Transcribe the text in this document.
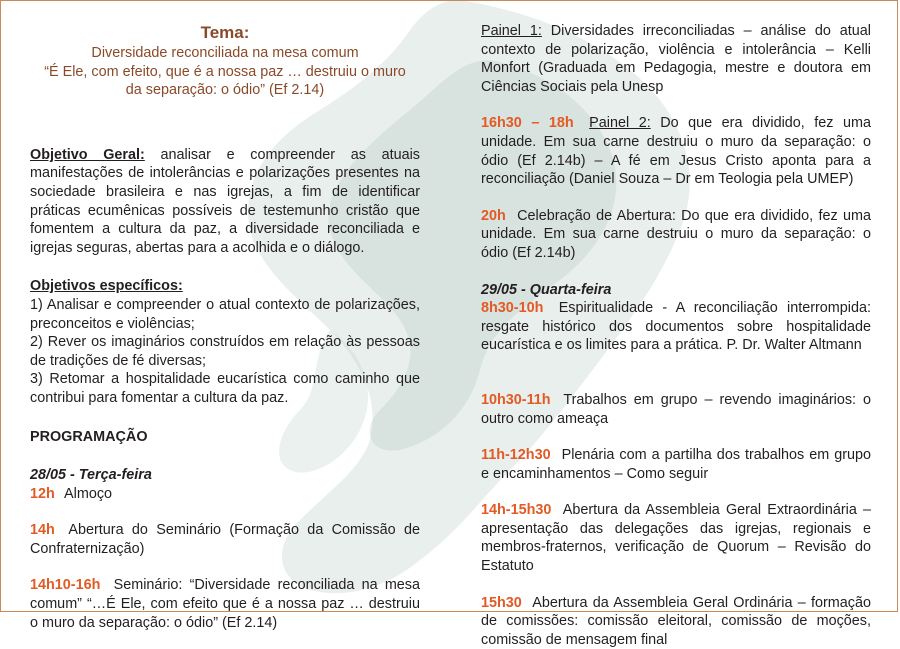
Tema:
Diversidade reconciliada na mesa comum
“É Ele, com efeito, que é a nossa paz … destruiu o muro
da separação: o ódio” (Ef 2.14)
Objetivo Geral: analisar e compreender as atuais manifestações de intolerâncias e polarizações presentes na sociedade brasileira e nas igrejas, a fim de identificar práticas ecumênicas possíveis de testemunho cristão que fomentem a cultura da paz, a diversidade reconciliada e igrejas seguras, abertas para a acolhida e o diálogo.
Objetivos específicos:
1) Analisar e compreender o atual contexto de polarizações, preconceitos e violências;
2) Rever os imaginários construídos em relação às pessoas de tradições de fé diversas;
3) Retomar a hospitalidade eucarística como caminho que contribui para fomentar a cultura da paz.
PROGRAMAÇÃO
28/05 - Terça-feira
12h Almoço
14h Abertura do Seminário (Formação da Comissão de Confraternização)
14h10-16h Seminário: “Diversidade reconciliada na mesa comum” “…É Ele, com efeito que é a nossa paz … destruiu o muro da separação: o ódio” (Ef 2.14)
Painel 1: Diversidades irreconciliadas – análise do atual contexto de polarização, violência e intolerância – Kelli Monfort (Graduada em Pedagogia, mestre e doutora em Ciências Sociais pela Unesp
16h30 – 18h Painel 2: Do que era dividido, fez uma unidade. Em sua carne destruiu o muro da separação: o ódio (Ef 2.14b) – A fé em Jesus Cristo aponta para a reconciliação (Daniel Souza – Dr em Teologia pela UMEP)
20h Celebração de Abertura: Do que era dividido, fez uma unidade. Em sua carne destruiu o muro da separação: o ódio (Ef 2.14b)
29/05 - Quarta-feira
8h30-10h Espiritualidade - A reconciliação interrompida: resgate histórico dos documentos sobre hospitalidade eucarística e os limites para a prática. P. Dr. Walter Altmann
10h30-11h Trabalhos em grupo – revendo imaginários: o outro como ameaça
11h-12h30 Plenária com a partilha dos trabalhos em grupo e encaminhamentos – Como seguir
14h-15h30 Abertura da Assembleia Geral Extraordinária – apresentação das delegações das igrejas, regionais e membros-fraternos, verificação de Quorum – Revisão do Estatuto
15h30 Abertura da Assembleia Geral Ordinária – formação de comissões: comissão eleitoral, comissão de moções, comissão de mensagem final
